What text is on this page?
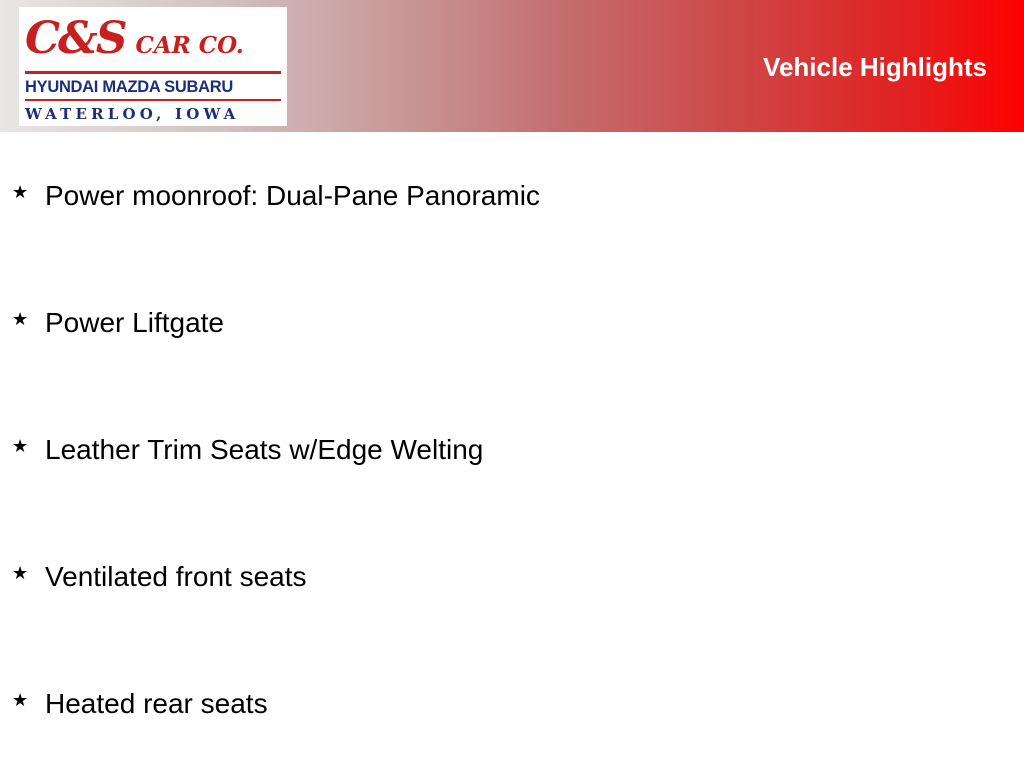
C&S CAR CO.
HYUNDAI MAZDA SUBARU
WATERLOO, IOWA
Vehicle Highlights
★ Power moonroof: Dual-Pane Panoramic
★ Power Liftgate
★ Leather Trim Seats w/Edge Welting
★ Ventilated front seats
★ Heated rear seats
